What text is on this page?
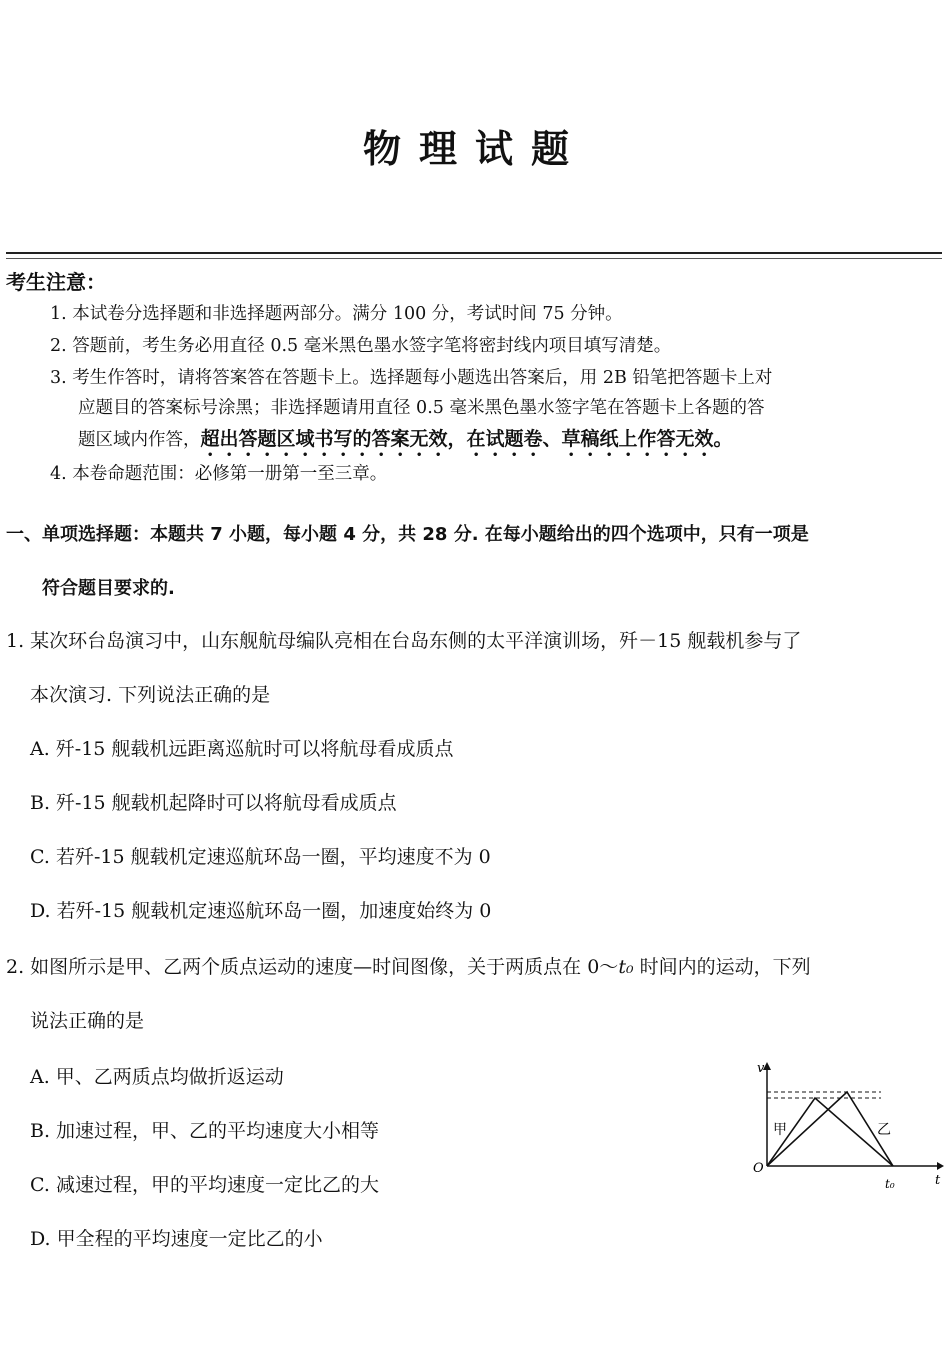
物理试题
考生注意：
1. 本试卷分选择题和非选择题两部分。满分 100 分，考试时间 75 分钟。
2. 答题前，考生务必用直径 0.5 毫米黑色墨水签字笔将密封线内项目填写清楚。
3. 考生作答时，请将答案答在答题卡上。选择题每小题选出答案后，用 2B 铅笔把答题卡上对
应题目的答案标号涂黑；非选择题请用直径 0.5 毫米黑色墨水签字笔在答题卡上各题的答
题区域内作答，超出答题区域书写的答案无效，在试题卷、草稿纸上作答无效。
4. 本卷命题范围：必修第一册第一至三章。
一、单项选择题：本题共 7 小题，每小题 4 分，共 28 分. 在每小题给出的四个选项中，只有一项是
符合题目要求的.
1. 某次环台岛演习中，山东舰航母编队亮相在台岛东侧的太平洋演训场，歼－15 舰载机参与了
本次演习. 下列说法正确的是
A. 歼-15 舰载机远距离巡航时可以将航母看成质点
B. 歼-15 舰载机起降时可以将航母看成质点
C. 若歼-15 舰载机定速巡航环岛一圈，平均速度不为 0
D. 若歼-15 舰载机定速巡航环岛一圈，加速度始终为 0
2. 如图所示是甲、乙两个质点运动的速度—时间图像，关于两质点在 0～t₀ 时间内的运动，下列
说法正确的是
A. 甲、乙两质点均做折返运动
B. 加速过程，甲、乙的平均速度大小相等
C. 减速过程，甲的平均速度一定比乙的大
D. 甲全程的平均速度一定比乙的小
v
t
O
t₀
甲	乙
